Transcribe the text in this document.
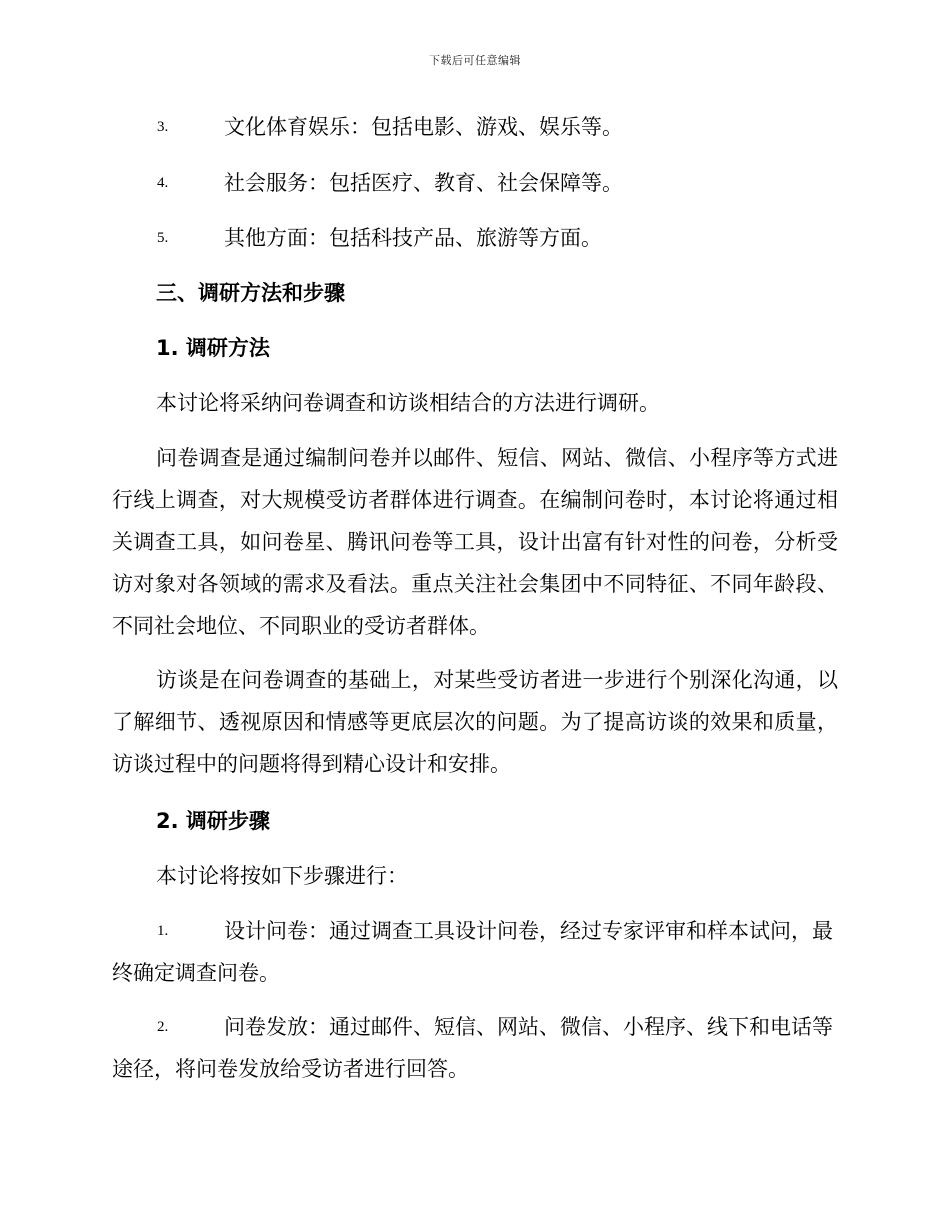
下载后可任意编辑
3.	文化体育娱乐：包括电影、游戏、娱乐等。
4.	社会服务：包括医疗、教育、社会保障等。
5.	其他方面：包括科技产品、旅游等方面。
三、调研方法和步骤
1. 调研方法
本讨论将采纳问卷调查和访谈相结合的方法进行调研。
问卷调查是通过编制问卷并以邮件、短信、网站、微信、小程序等方式进行线上调查，对大规模受访者群体进行调查。在编制问卷时，本讨论将通过相关调查工具，如问卷星、腾讯问卷等工具，设计出富有针对性的问卷，分析受访对象对各领域的需求及看法。重点关注社会集团中不同特征、不同年龄段、不同社会地位、不同职业的受访者群体。
访谈是在问卷调查的基础上，对某些受访者进一步进行个别深化沟通，以了解细节、透视原因和情感等更底层次的问题。为了提高访谈的效果和质量，访谈过程中的问题将得到精心设计和安排。
2. 调研步骤
本讨论将按如下步骤进行：
1.	设计问卷：通过调查工具设计问卷，经过专家评审和样本试问，最终确定调查问卷。
2.	问卷发放：通过邮件、短信、网站、微信、小程序、线下和电话等途径，将问卷发放给受访者进行回答。
